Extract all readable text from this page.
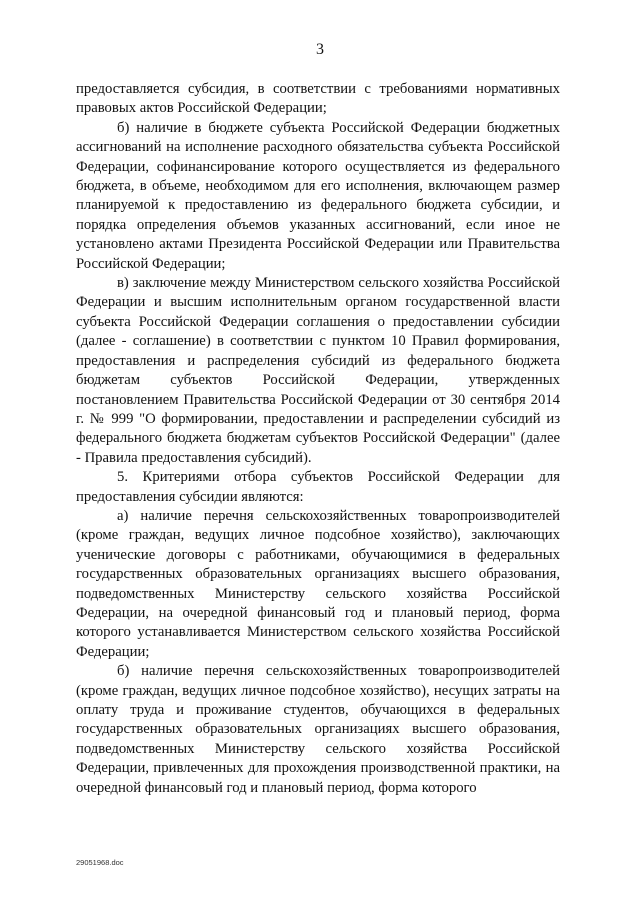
3

предоставляется субсидия, в соответствии с требованиями нормативных правовых актов Российской Федерации;

б) наличие в бюджете субъекта Российской Федерации бюджетных ассигнований на исполнение расходного обязательства субъекта Российской Федерации, софинансирование которого осуществляется из федерального бюджета, в объеме, необходимом для его исполнения, включающем размер планируемой к предоставлению из федерального бюджета субсидии, и порядка определения объемов указанных ассигнований, если иное не установлено актами Президента Российской Федерации или Правительства Российской Федерации;

в) заключение между Министерством сельского хозяйства Российской Федерации и высшим исполнительным органом государственной власти субъекта Российской Федерации соглашения о предоставлении субсидии (далее - соглашение) в соответствии с пунктом 10 Правил формирования, предоставления и распределения субсидий из федерального бюджета бюджетам субъектов Российской Федерации, утвержденных постановлением Правительства Российской Федерации от 30 сентября 2014 г. № 999 "О формировании, предоставлении и распределении субсидий из федерального бюджета бюджетам субъектов Российской Федерации" (далее - Правила предоставления субсидий).

5. Критериями отбора субъектов Российской Федерации для предоставления субсидии являются:

а) наличие перечня сельскохозяйственных товаропроизводителей (кроме граждан, ведущих личное подсобное хозяйство), заключающих ученические договоры с работниками, обучающимися в федеральных государственных образовательных организациях высшего образования, подведомственных Министерству сельского хозяйства Российской Федерации, на очередной финансовый год и плановый период, форма которого устанавливается Министерством сельского хозяйства Российской Федерации;

б) наличие перечня сельскохозяйственных товаропроизводителей (кроме граждан, ведущих личное подсобное хозяйство), несущих затраты на оплату труда и проживание студентов, обучающихся в федеральных государственных образовательных организациях высшего образования, подведомственных Министерству сельского хозяйства Российской Федерации, привлеченных для прохождения производственной практики, на очередной финансовый год и плановый период, форма которого

29051968.doc
